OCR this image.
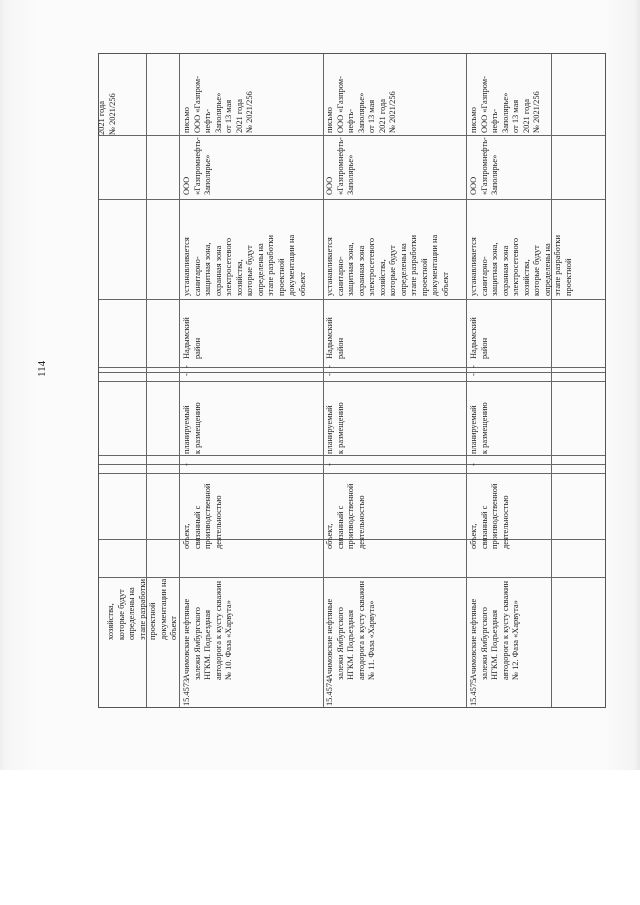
114
хозяйства,
которые будут
определены на
этапе разработки
проектной
документации на
объект
2021 года
№ 2021/256
15.4573
Ачимовские нефтяные
залежи Ямбургского
НГКМ. Подъездная
автодорога к кусту скважин
№ 10. Фаза «Харвута»
объект,
связанный с
производственной
деятельностью
-
планируемый
к размещению
-
-
Надымский
район
устанавливается
санитарно-
защитная зона,
охранная зона
электросетевого
хозяйства,
которые будут
определены на
этапе разработки
проектной
документации на
объект
ООО
«Газпромнефть-
Заполярье»
письмо
ООО «Газпром-
нефть-
Заполярье»
от 13 мая
2021 года
№ 2021/256
15.4574
Ачимовские нефтяные
залежи Ямбургского
НГКМ. Подъездная
автодорога к кусту скважин
№ 11. Фаза «Харвута»
объект,
связанный с
производственной
деятельностью
-
планируемый
к размещению
-
-
Надымский
район
устанавливается
санитарно-
защитная зона,
охранная зона
электросетевого
хозяйства,
которые будут
определены на
этапе разработки
проектной
документации на
объект
ООО
«Газпромнефть-
Заполярье»
письмо
ООО «Газпром-
нефть-
Заполярье»
от 13 мая
2021 года
№ 2021/256
15.4575
Ачимовские нефтяные
залежи Ямбургского
НГКМ. Подъездная
автодорога к кусту скважин
№ 12. Фаза «Харвута»
объект,
связанный с
производственной
деятельностью
-
планируемый
к размещению
-
-
Надымский
район
устанавливается
санитарно-
защитная зона,
охранная зона
электросетевого
хозяйства,
которые будут
определены на
этапе разработки
проектной
ООО
«Газпромнефть-
Заполярье»
письмо
ООО «Газпром-
нефть-
Заполярье»
от 13 мая
2021 года
№ 2021/256
